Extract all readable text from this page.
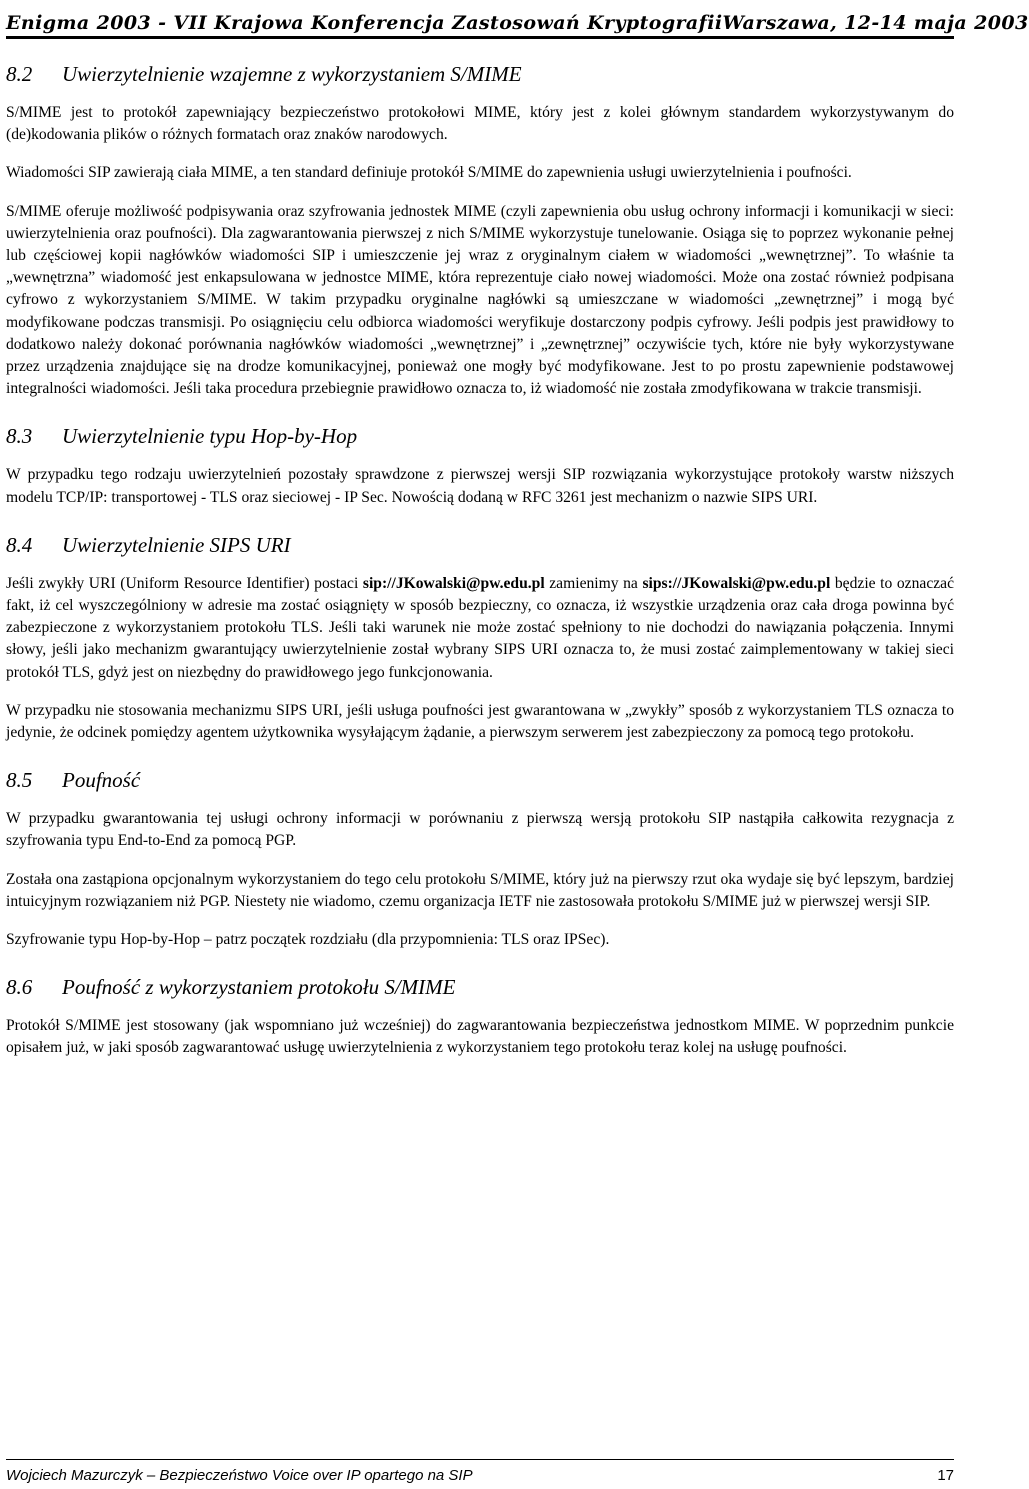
Enigma 2003 - VII Krajowa Konferencja Zastosowań Kryptografii Warszawa, 12-14 maja 2003
8.2 Uwierzytelnienie wzajemne z wykorzystaniem S/MIME

S/MIME jest to protokół zapewniający bezpieczeństwo protokołowi MIME, który jest z kolei głównym standardem wykorzystywanym do (de)kodowania plików o różnych formatach oraz znaków narodowych.

Wiadomości SIP zawierają ciała MIME, a ten standard definiuje protokół S/MIME do zapewnienia usługi uwierzytelnienia i poufności.

S/MIME oferuje możliwość podpisywania oraz szyfrowania jednostek MIME (czyli zapewnienia obu usług ochrony informacji i komunikacji w sieci: uwierzytelnienia oraz poufności). Dla zagwarantowania pierwszej z nich S/MIME wykorzystuje tunelowanie. Osiąga się to poprzez wykonanie pełnej lub częściowej kopii nagłówków wiadomości SIP i umieszczenie jej wraz z oryginalnym ciałem w wiadomości „wewnętrznej”. To właśnie ta „wewnętrzna” wiadomość jest enkapsulowana w jednostce MIME, która reprezentuje ciało nowej wiadomości. Może ona zostać również podpisana cyfrowo z wykorzystaniem S/MIME. W takim przypadku oryginalne nagłówki są umieszczane w wiadomości „zewnętrznej” i mogą być modyfikowane podczas transmisji. Po osiągnięciu celu odbiorca wiadomości weryfikuje dostarczony podpis cyfrowy. Jeśli podpis jest prawidłowy to dodatkowo należy dokonać porównania nagłówków wiadomości „wewnętrznej” i „zewnętrznej” oczywiście tych, które nie były wykorzystywane przez urządzenia znajdujące się na drodze komunikacyjnej, ponieważ one mogły być modyfikowane. Jest to po prostu zapewnienie podstawowej integralności wiadomości. Jeśli taka procedura przebiegnie prawidłowo oznacza to, iż wiadomość nie została zmodyfikowana w trakcie transmisji.

8.3 Uwierzytelnienie typu Hop-by-Hop

W przypadku tego rodzaju uwierzytelnień pozostały sprawdzone z pierwszej wersji SIP rozwiązania wykorzystujące protokoły warstw niższych modelu TCP/IP: transportowej - TLS oraz sieciowej - IP Sec. Nowością dodaną w RFC 3261 jest mechanizm o nazwie SIPS URI.

8.4 Uwierzytelnienie SIPS URI

Jeśli zwykły URI (Uniform Resource Identifier) postaci sip://JKowalski@pw.edu.pl zamienimy na sips://JKowalski@pw.edu.pl będzie to oznaczać fakt, iż cel wyszczególniony w adresie ma zostać osiągnięty w sposób bezpieczny, co oznacza, iż wszystkie urządzenia oraz cała droga powinna być zabezpieczone z wykorzystaniem protokołu TLS. Jeśli taki warunek nie może zostać spełniony to nie dochodzi do nawiązania połączenia. Innymi słowy, jeśli jako mechanizm gwarantujący uwierzytelnienie został wybrany SIPS URI oznacza to, że musi zostać zaimplementowany w takiej sieci protokół TLS, gdyż jest on niezbędny do prawidłowego jego funkcjonowania.

W przypadku nie stosowania mechanizmu SIPS URI, jeśli usługa poufności jest gwarantowana w „zwykły” sposób z wykorzystaniem TLS oznacza to jedynie, że odcinek pomiędzy agentem użytkownika wysyłającym żądanie, a pierwszym serwerem jest zabezpieczony za pomocą tego protokołu.

8.5 Poufność

W przypadku gwarantowania tej usługi ochrony informacji w porównaniu z pierwszą wersją protokołu SIP nastąpiła całkowita rezygnacja z szyfrowania typu End-to-End za pomocą PGP.

Została ona zastąpiona opcjonalnym wykorzystaniem do tego celu protokołu S/MIME, który już na pierwszy rzut oka wydaje się być lepszym, bardziej intuicyjnym rozwiązaniem niż PGP. Niestety nie wiadomo, czemu organizacja IETF nie zastosowała protokołu S/MIME już w pierwszej wersji SIP.

Szyfrowanie typu Hop-by-Hop – patrz początek rozdziału (dla przypomnienia: TLS oraz IPSec).

8.6 Poufność z wykorzystaniem protokołu S/MIME

Protokół S/MIME jest stosowany (jak wspomniano już wcześniej) do zagwarantowania bezpieczeństwa jednostkom MIME. W poprzednim punkcie opisałem już, w jaki sposób zagwarantować usługę uwierzytelnienia z wykorzystaniem tego protokołu teraz kolej na usługę poufności.

Wojciech Mazurczyk – Bezpieczeństwo Voice over IP opartego na SIP	17
